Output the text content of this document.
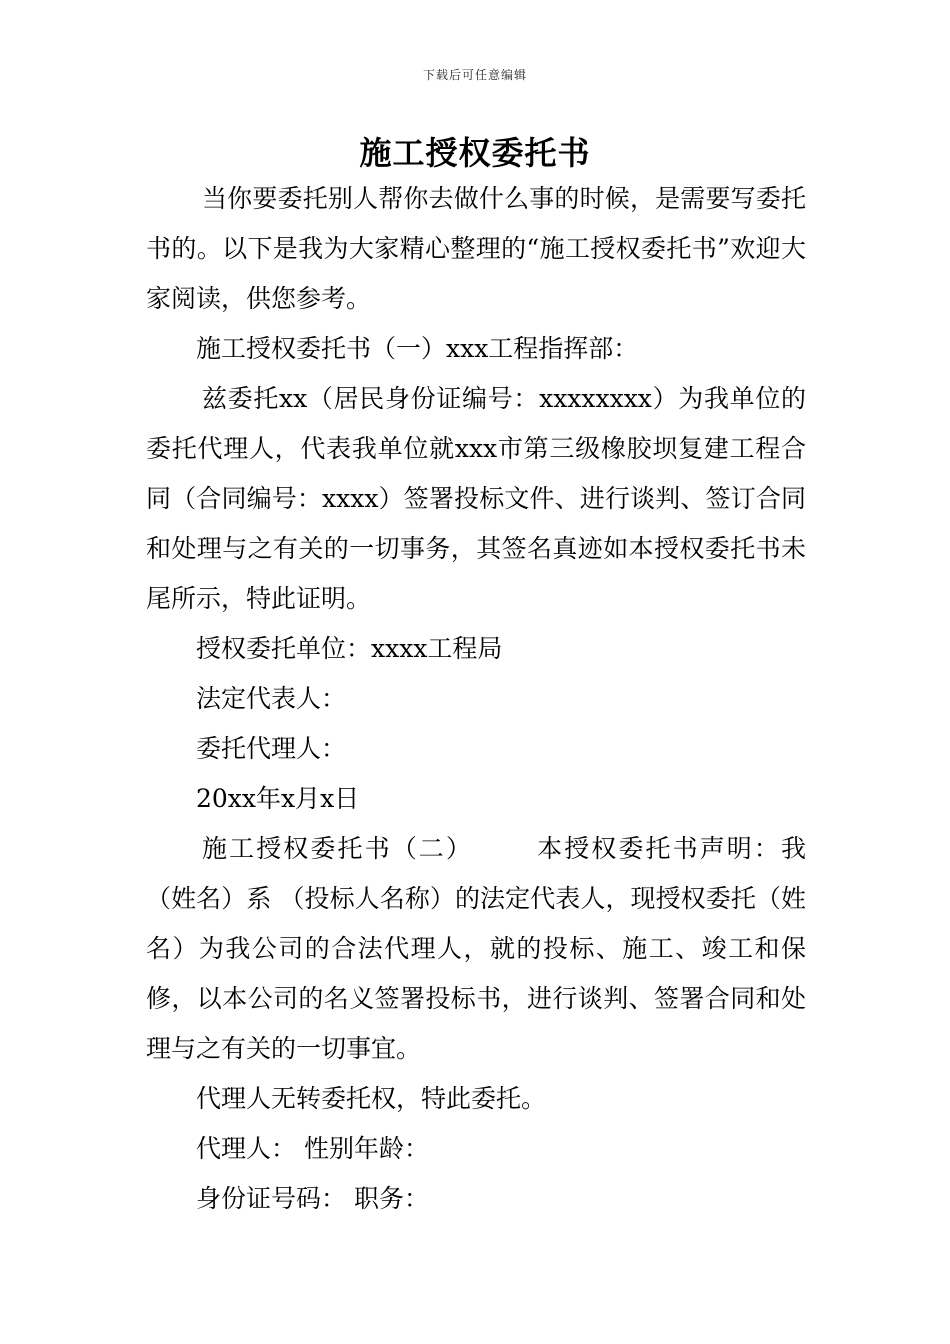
下载后可任意编辑
施工授权委托书

当你要委托别人帮你去做什么事的时候，是需要写委托书的。以下是我为大家精心整理的“施工授权委托书”欢迎大家阅读，供您参考。

施工授权委托书（一）xxx工程指挥部：

兹委托xx（居民身份证编号：xxxxxxxx）为我单位的委托代理人，代表我单位就xxx市第三级橡胶坝复建工程合同（合同编号：xxxx）签署投标文件、进行谈判、签订合同和处理与之有关的一切事务，其签名真迹如本授权委托书未尾所示，特此证明。

授权委托单位：xxxx工程局

法定代表人：

委托代理人：

20xx年x月x日

施工授权委托书（二） 本授权委托书声明：我（姓名）系 （投标人名称）的法定代表人，现授权委托（姓名）为我公司的合法代理人，就的投标、施工、竣工和保修，以本公司的名义签署投标书，进行谈判、签署合同和处理与之有关的一切事宜。

代理人无转委托权，特此委托。

代理人： 性别年龄：

身份证号码： 职务：
